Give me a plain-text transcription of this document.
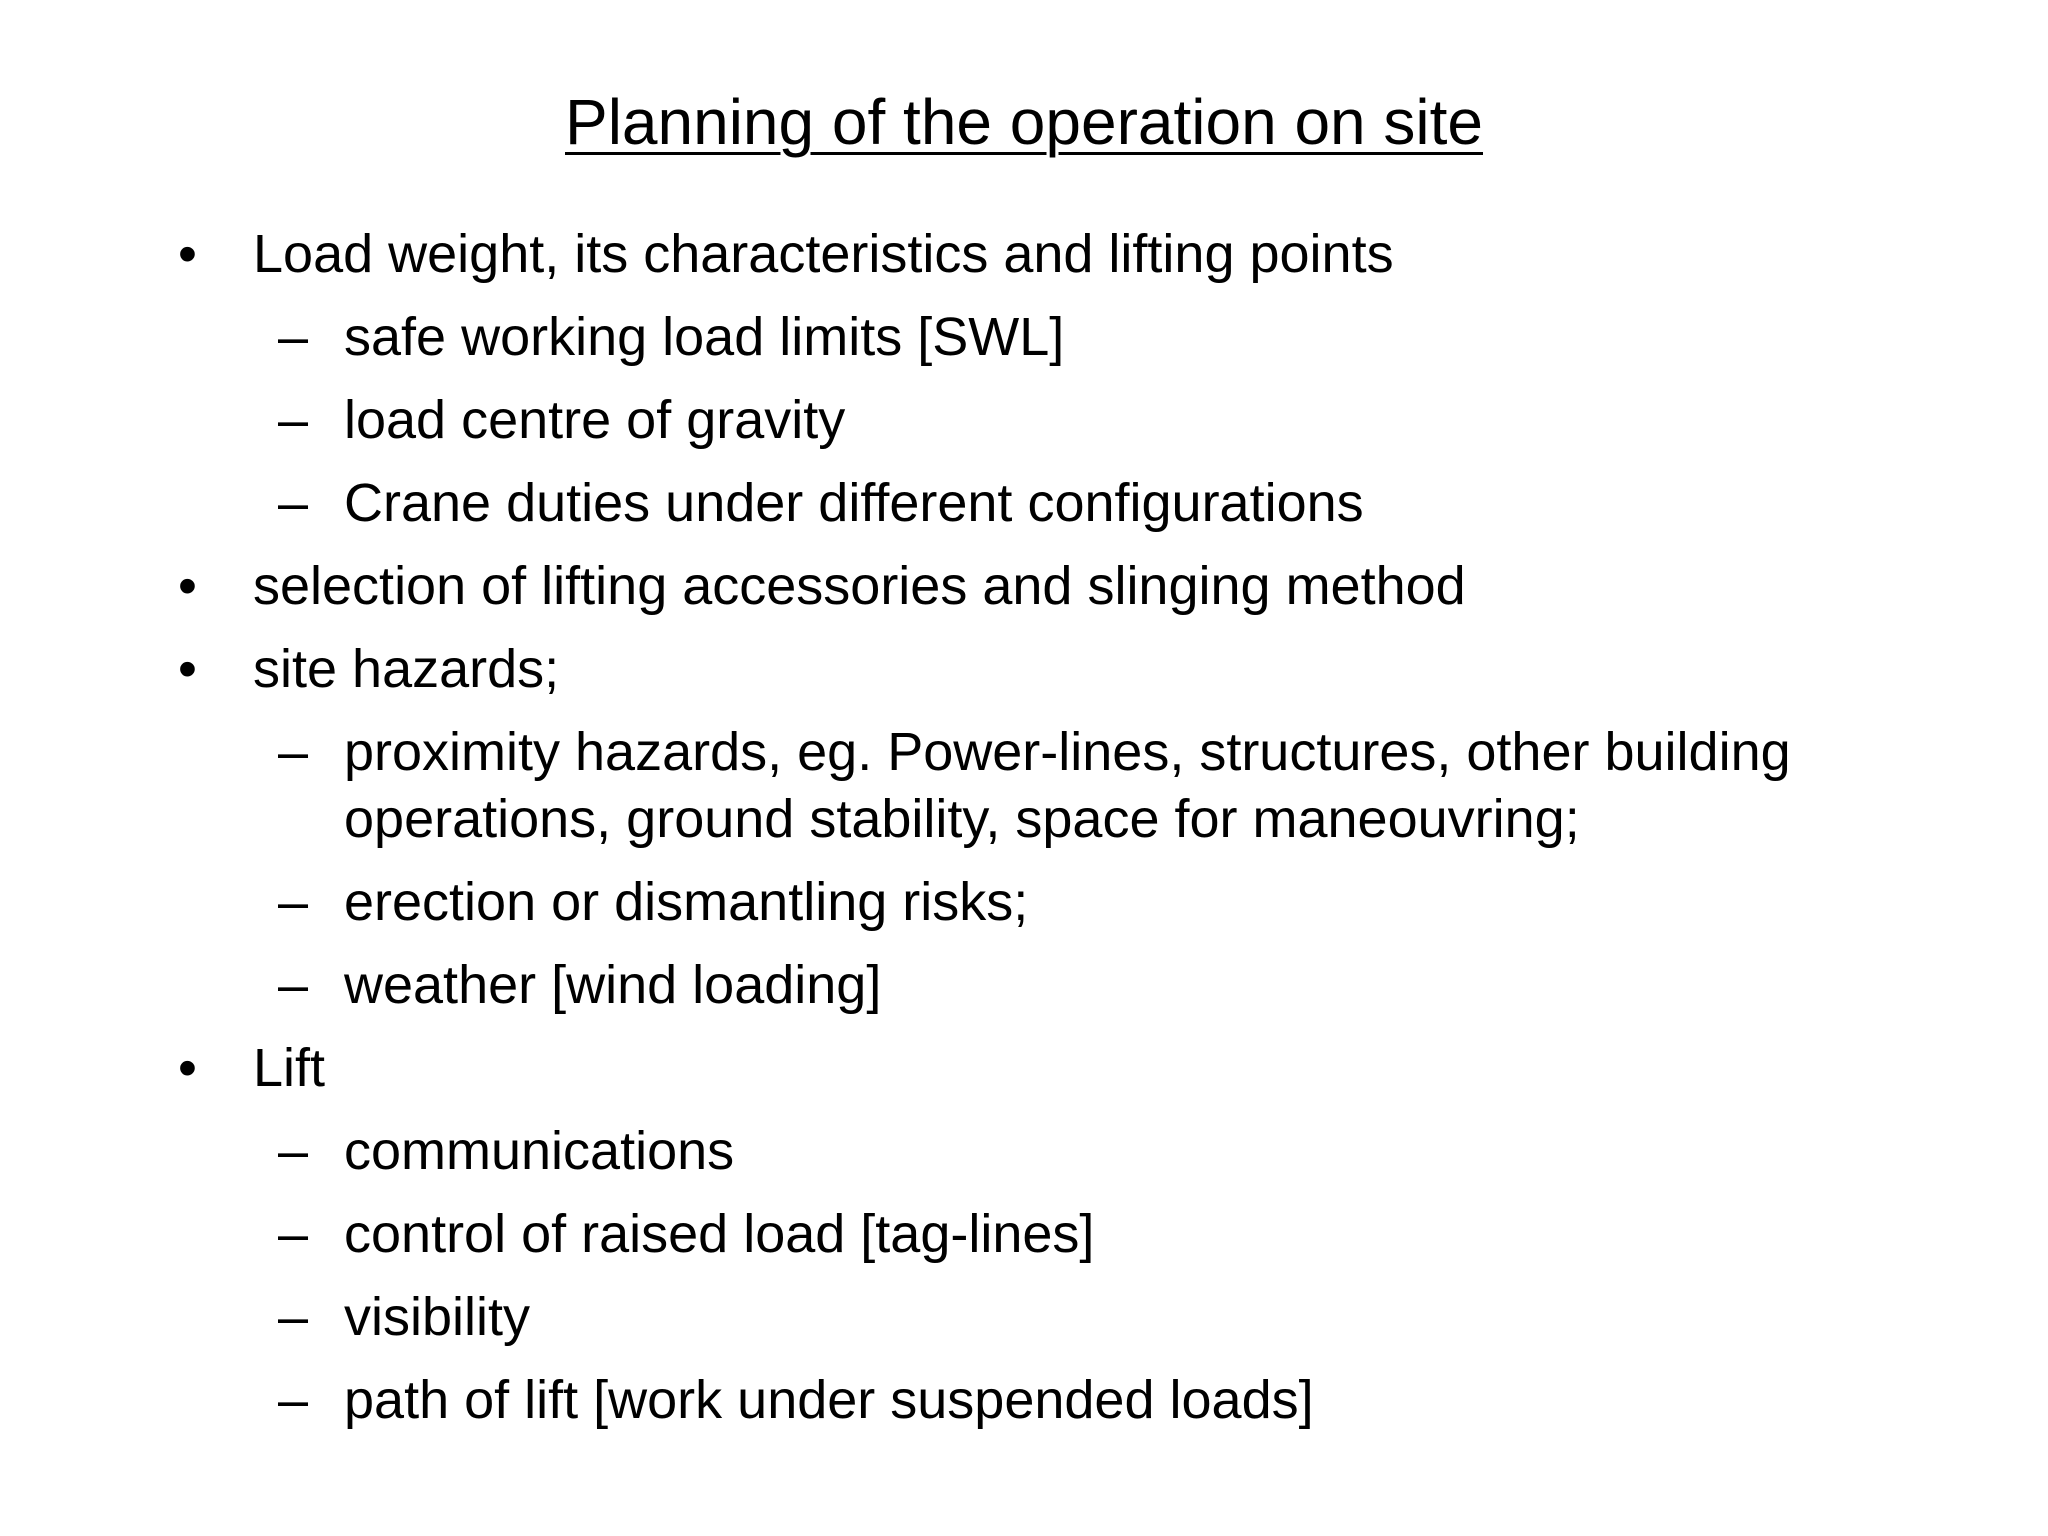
Planning of the operation on site
• Load weight, its characteristics and lifting points
– safe working load limits [SWL]
– load centre of gravity
– Crane duties under different configurations
• selection of lifting accessories and slinging method
• site hazards;
– proximity hazards, eg. Power-lines, structures, other building
operations, ground stability, space for maneouvring;
– erection or dismantling risks;
– weather [wind loading]
• Lift
– communications
– control of raised load [tag-lines]
– visibility
– path of lift [work under suspended loads]
